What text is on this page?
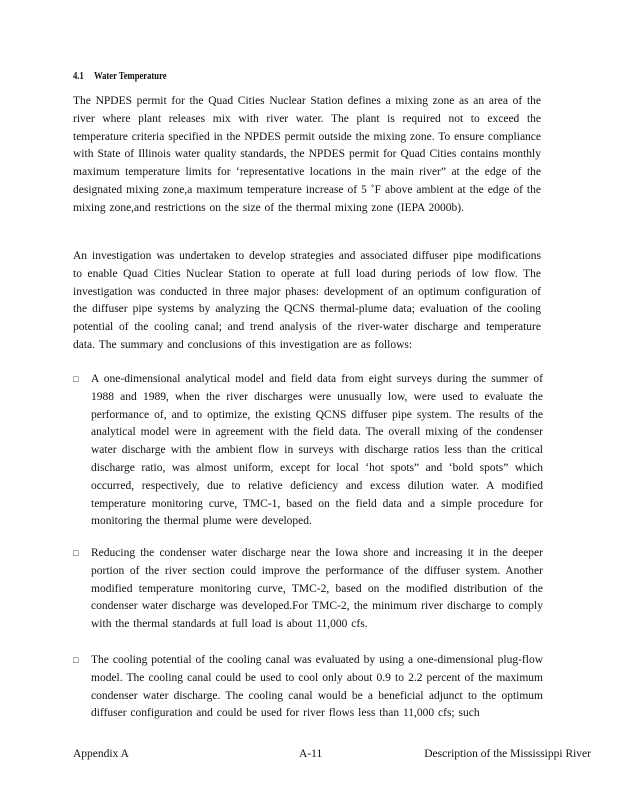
4.1 Water Temperature
The NPDES permit for the Quad Cities Nuclear Station defines a mixing zone as an area of the river where plant releases mix with river water. The plant is required not to exceed the temperature criteria specified in the NPDES permit outside the mixing zone. To ensure compliance with State of Illinois water quality standards, the NPDES permit for Quad Cities contains monthly maximum temperature limits for ‘representative locations in the main river” at the edge of the designated mixing zone,a maximum temperature increase of 5 ˚F above ambient at the edge of the mixing zone,and restrictions on the size of the thermal mixing zone (IEPA 2000b).
An investigation was undertaken to develop strategies and associated diffuser pipe modifications to enable Quad Cities Nuclear Station to operate at full load during periods of low flow. The investigation was conducted in three major phases: development of an optimum configuration of the diffuser pipe systems by analyzing the QCNS thermal-plume data; evaluation of the cooling potential of the cooling canal; and trend analysis of the river-water discharge and temperature data. The summary and conclusions of this investigation are as follows:
□	A one-dimensional analytical model and field data from eight surveys during the summer of 1988 and 1989, when the river discharges were unusually low, were used to evaluate the performance of, and to optimize, the existing QCNS diffuser pipe system. The results of the analytical model were in agreement with the field data. The overall mixing of the condenser water discharge with the ambient flow in surveys with discharge ratios less than the critical discharge ratio, was almost uniform, except for local ‘hot spots” and ‘bold spots” which occurred, respectively, due to relative deficiency and excess dilution water. A modified temperature monitoring curve, TMC-1, based on the field data and a simple procedure for monitoring the thermal plume were developed.
□	Reducing the condenser water discharge near the Iowa shore and increasing it in the deeper portion of the river section could improve the performance of the diffuser system. Another modified temperature monitoring curve, TMC-2, based on the modified distribution of the condenser water discharge was developed.For TMC-2, the minimum river discharge to comply with the thermal standards at full load is about 11,000 cfs.
□	The cooling potential of the cooling canal was evaluated by using a one-dimensional plug-flow model. The cooling canal could be used to cool only about 0.9 to 2.2 percent of the maximum condenser water discharge. The cooling canal would be a beneficial adjunct to the optimum diffuser configuration and could be used for river flows less than 11,000 cfs; such
Appendix A	A-11	Description of the Mississippi River
